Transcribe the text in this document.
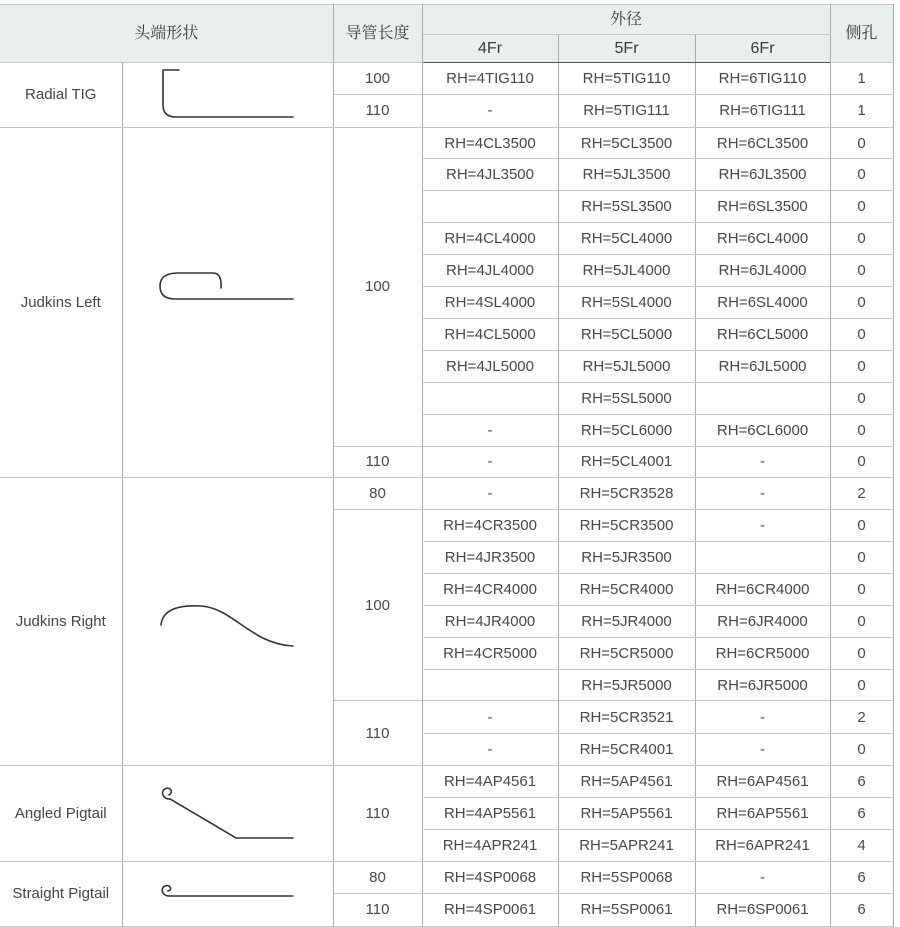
头端形状		导管长度	外径			侧孔
			4Fr	5Fr	6Fr	
Radial TIG		100	RH=4TIG110	RH=5TIG110	RH=6TIG110	1
		110	-	RH=5TIG111	RH=6TIG111	1
Judkins Left		100	RH=4CL3500	RH=5CL3500	RH=6CL3500	0
			RH=4JL3500	RH=5JL3500	RH=6JL3500	0
				RH=5SL3500	RH=6SL3500	0
			RH=4CL4000	RH=5CL4000	RH=6CL4000	0
			RH=4JL4000	RH=5JL4000	RH=6JL4000	0
			RH=4SL4000	RH=5SL4000	RH=6SL4000	0
			RH=4CL5000	RH=5CL5000	RH=6CL5000	0
			RH=4JL5000	RH=5JL5000	RH=6JL5000	0
				RH=5SL5000		0
			-	RH=5CL6000	RH=6CL6000	0
		110	-	RH=5CL4001	-	0
Judkins Right		80	-	RH=5CR3528	-	2
		100	RH=4CR3500	RH=5CR3500	-	0
			RH=4JR3500	RH=5JR3500		0
			RH=4CR4000	RH=5CR4000	RH=6CR4000	0
			RH=4JR4000	RH=5JR4000	RH=6JR4000	0
			RH=4CR5000	RH=5CR5000	RH=6CR5000	0
				RH=5JR5000	RH=6JR5000	0
		110	-	RH=5CR3521	-	2
			-	RH=5CR4001	-	0
Angled Pigtail		110	RH=4AP4561	RH=5AP4561	RH=6AP4561	6
			RH=4AP5561	RH=5AP5561	RH=6AP5561	6
			RH=4APR241	RH=5APR241	RH=6APR241	4
Straight Pigtail		80	RH=4SP0068	RH=5SP0068	-	6
		110	RH=4SP0061	RH=5SP0061	RH=6SP0061	6
